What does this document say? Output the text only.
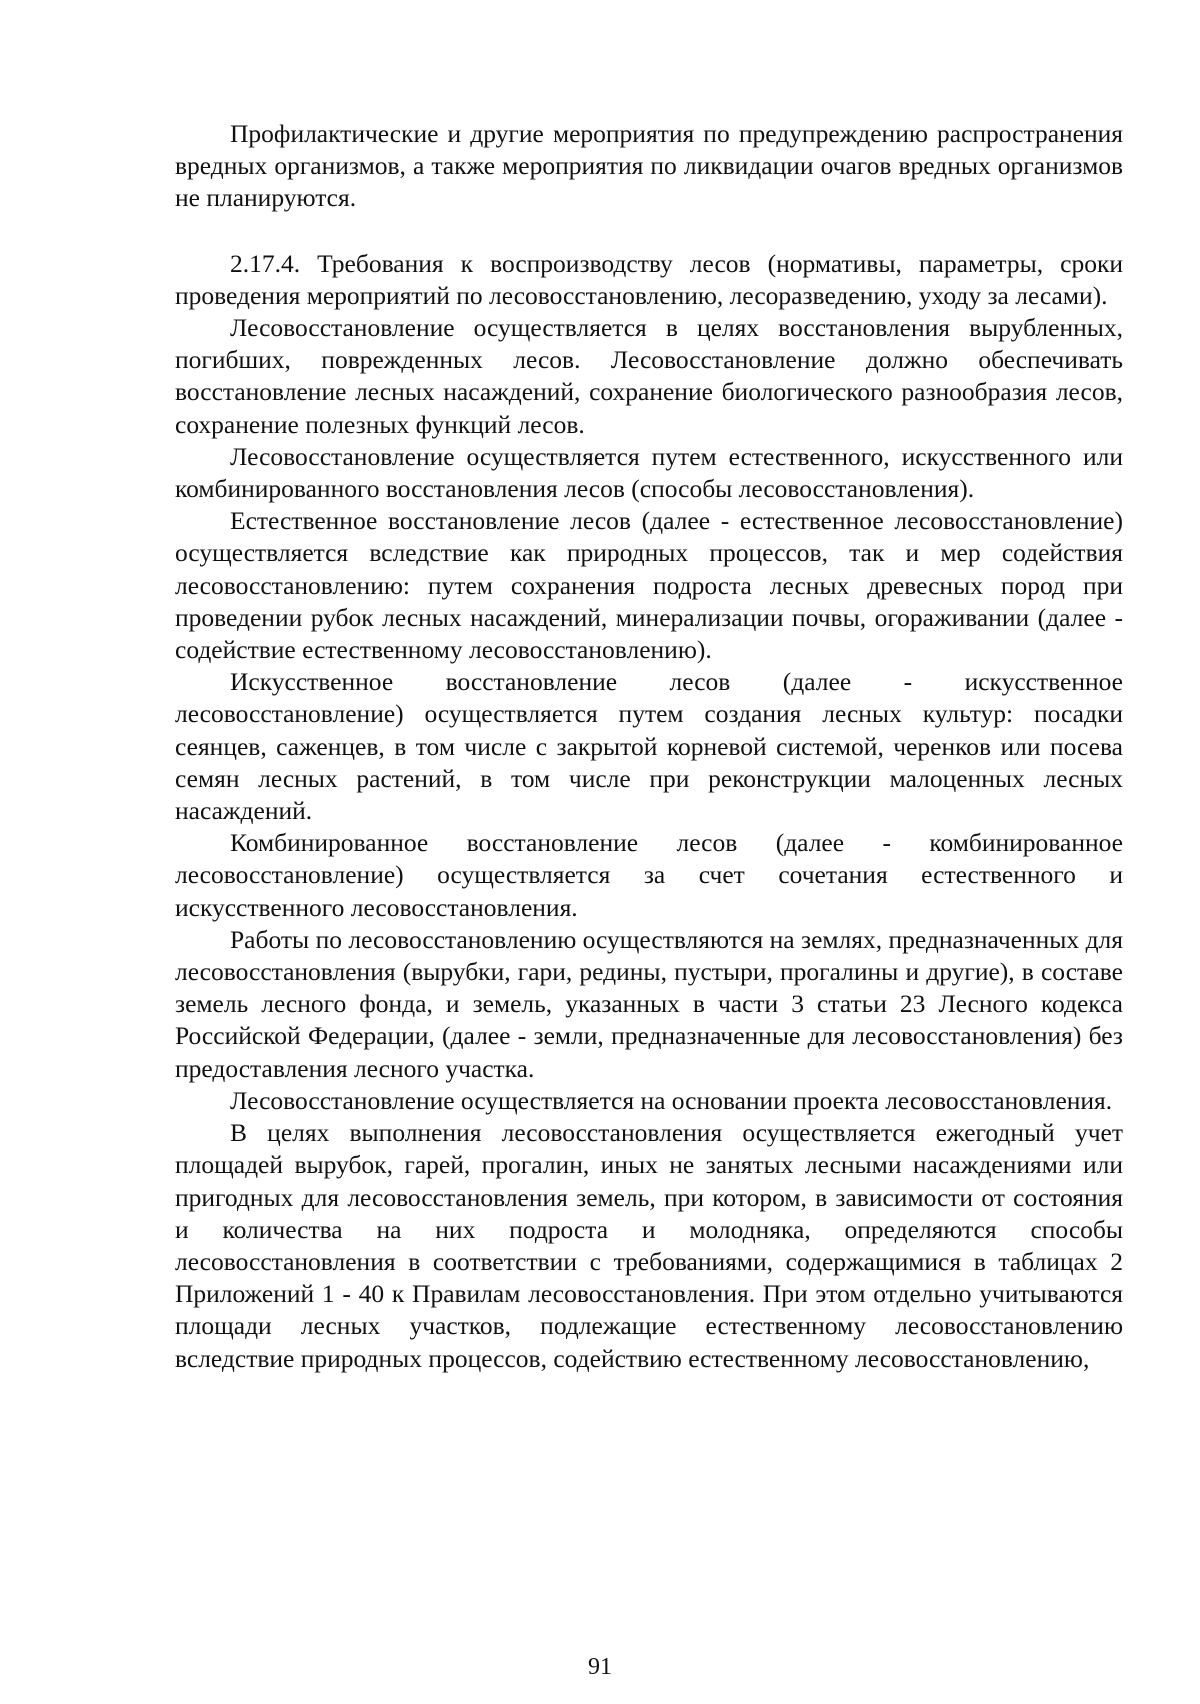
Профилактические и другие мероприятия по предупреждению распространения вредных организмов, а также мероприятия по ликвидации очагов вредных организмов не планируются.

2.17.4. Требования к воспроизводству лесов (нормативы, параметры, сроки проведения мероприятий по лесовосстановлению, лесоразведению, уходу за лесами).

Лесовосстановление осуществляется в целях восстановления вырубленных, погибших, поврежденных лесов. Лесовосстановление должно обеспечивать восстановление лесных насаждений, сохранение биологического разнообразия лесов, сохранение полезных функций лесов.

Лесовосстановление осуществляется путем естественного, искусственного или комбинированного восстановления лесов (способы лесовосстановления).

Естественное восстановление лесов (далее - естественное лесовосстановление) осуществляется вследствие как природных процессов, так и мер содействия лесовосстановлению: путем сохранения подроста лесных древесных пород при проведении рубок лесных насаждений, минерализации почвы, огораживании (далее - содействие естественному лесовосстановлению).

Искусственное восстановление лесов (далее - искусственное лесовосстановление) осуществляется путем создания лесных культур: посадки сеянцев, саженцев, в том числе с закрытой корневой системой, черенков или посева семян лесных растений, в том числе при реконструкции малоценных лесных насаждений.

Комбинированное восстановление лесов (далее - комбинированное лесовосстановление) осуществляется за счет сочетания естественного и искусственного лесовосстановления.

Работы по лесовосстановлению осуществляются на землях, предназначенных для лесовосстановления (вырубки, гари, редины, пустыри, прогалины и другие), в составе земель лесного фонда, и земель, указанных в части 3 статьи 23 Лесного кодекса Российской Федерации, (далее - земли, предназначенные для лесовосстановления) без предоставления лесного участка.

Лесовосстановление осуществляется на основании проекта лесовосстановления.

В целях выполнения лесовосстановления осуществляется ежегодный учет площадей вырубок, гарей, прогалин, иных не занятых лесными насаждениями или пригодных для лесовосстановления земель, при котором, в зависимости от состояния и количества на них подроста и молодняка, определяются способы лесовосстановления в соответствии с требованиями, содержащимися в таблицах 2 Приложений 1 - 40 к Правилам лесовосстановления. При этом отдельно учитываются площади лесных участков, подлежащие естественному лесовосстановлению вследствие природных процессов, содействию естественному лесовосстановлению,

91
